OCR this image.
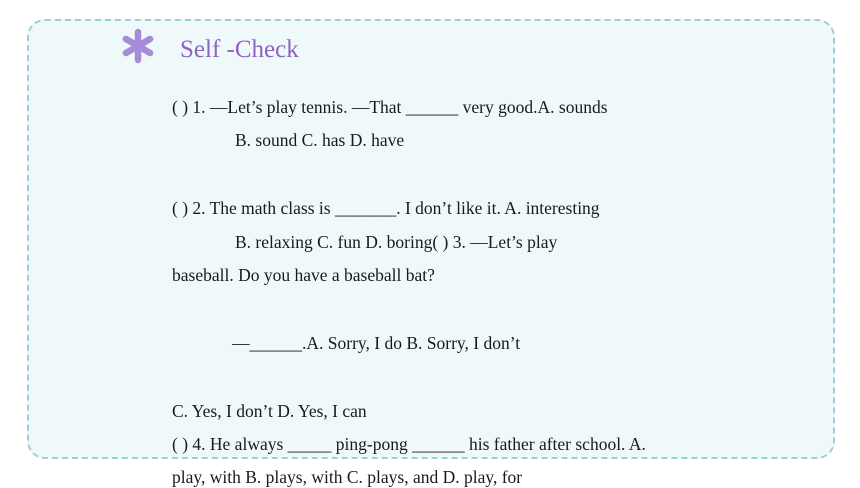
Self -Check
( ) 1. —Let’s play tennis. —That ______ very good.A. sounds
B. sound C. has D. have
( ) 2. The math class is _______. I don’t like it. A. interesting
B. relaxing C. fun D. boring( ) 3. —Let’s play
baseball. Do you have a baseball bat?
—______.A. Sorry, I do B. Sorry, I don’t
C. Yes, I don’t D. Yes, I can
( ) 4. He always _____ ping-pong ______ his father after school. A.
play, with B. plays, with C. plays, and D. play, for
